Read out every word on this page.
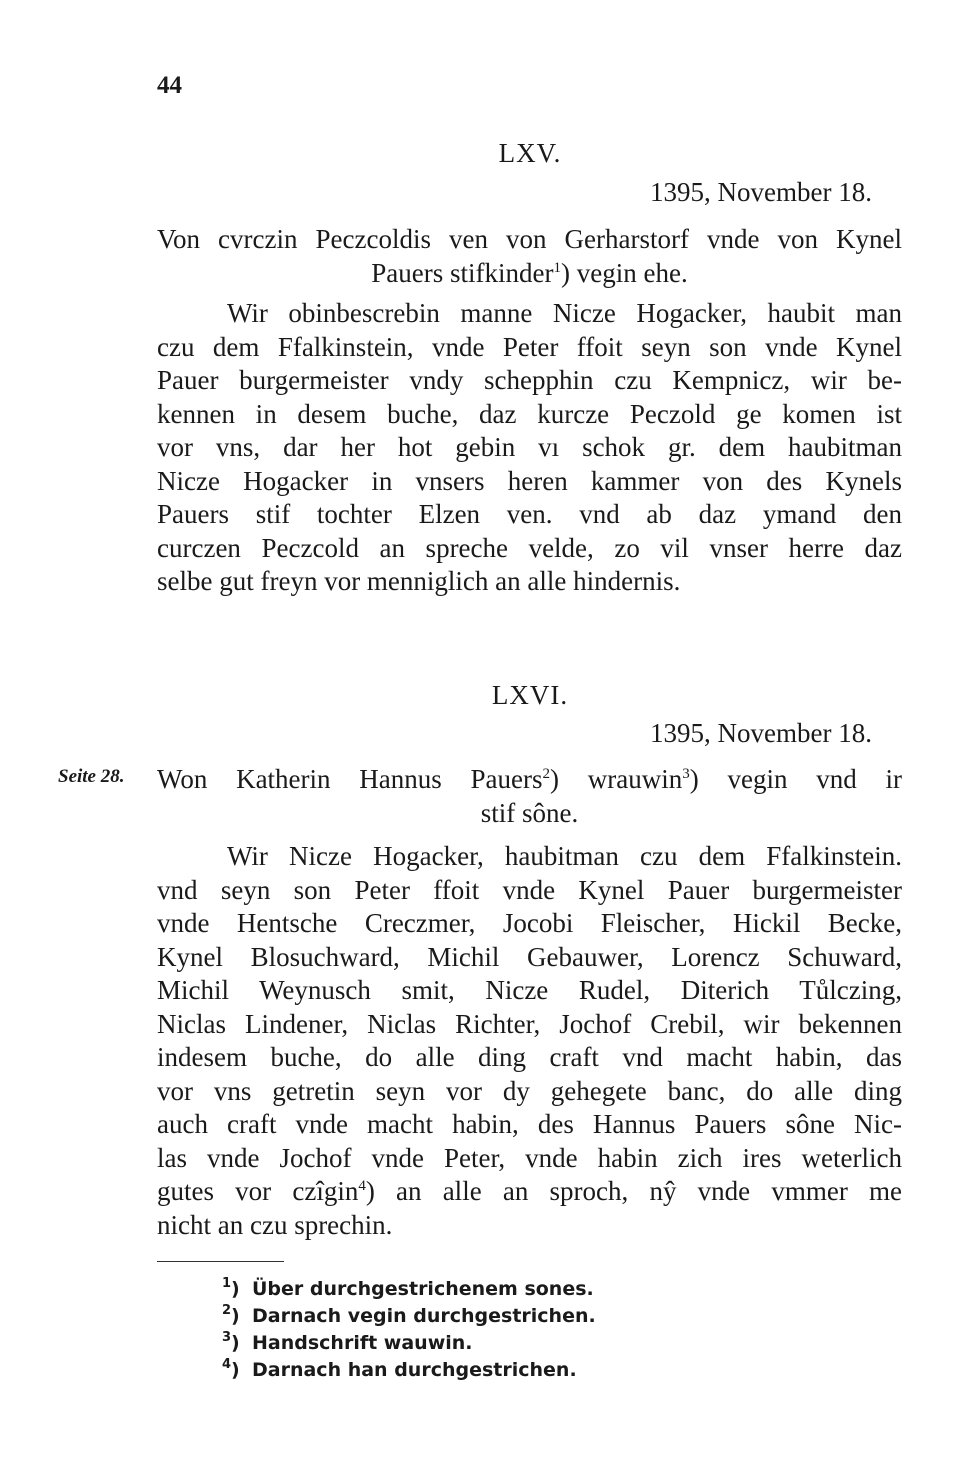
44
LXV.
1395, November 18.
Von cvrczin Peczcoldis ven von Gerharstorf vnde von Kynel
Pauers stifkinder$^1$) vegin ehe.
Wir obinbescrebin manne Nicze Hogacker, haubit man
czu dem Ffalkinstein, vnde Peter ffoit seyn son vnde Kynel
Pauer burgermeister vndy schepphin czu Kempnicz, wir be-
kennen in desem buche, daz kurcze Peczold ge komen ist
vor vns, dar her hot gebin vı schok gr. dem haubitman
Nicze Hogacker in vnsers heren kammer von des Kynels
Pauers stif tochter Elzen ven. vnd ab daz ymand den
curczen Peczcold an spreche velde, zo vil vnser herre daz
selbe gut freyn vor menniglich an alle hindernis.
LXVI.
1395, November 18.
Seite 28. Won Katherin Hannus Pauers$^2$) wrauwin$^3$) vegin vnd ir
stif sône.
Wir Nicze Hogacker, haubitman czu dem Ffalkinstein.
vnd seyn son Peter ffoit vnde Kynel Pauer burgermeister
vnde Hentsche Creczmer, Jocobi Fleischer, Hickil Becke,
Kynel Blosuchward, Michil Gebauwer, Lorencz Schuward,
Michil Weynusch smit, Nicze Rudel, Diterich Tůlczing,
Niclas Lindener, Niclas Richter, Jochof Crebil, wir bekennen
indesem buche, do alle ding craft vnd macht habin, das
vor vns getretin seyn vor dy gehegete banc, do alle ding
auch craft vnde macht habin, des Hannus Pauers sône Nic-
las vnde Jochof vnde Peter, vnde habin zich ires weterlich
gutes vor czîgin$^4$) an alle an sproch, nŷ vnde vmmer me
nicht an czu sprechin.
$^1$) Über durchgestrichenem sones.
$^2$) Darnach vegin durchgestrichen.
$^3$) Handschrift wauwin.
$^4$) Darnach han durchgestrichen.
